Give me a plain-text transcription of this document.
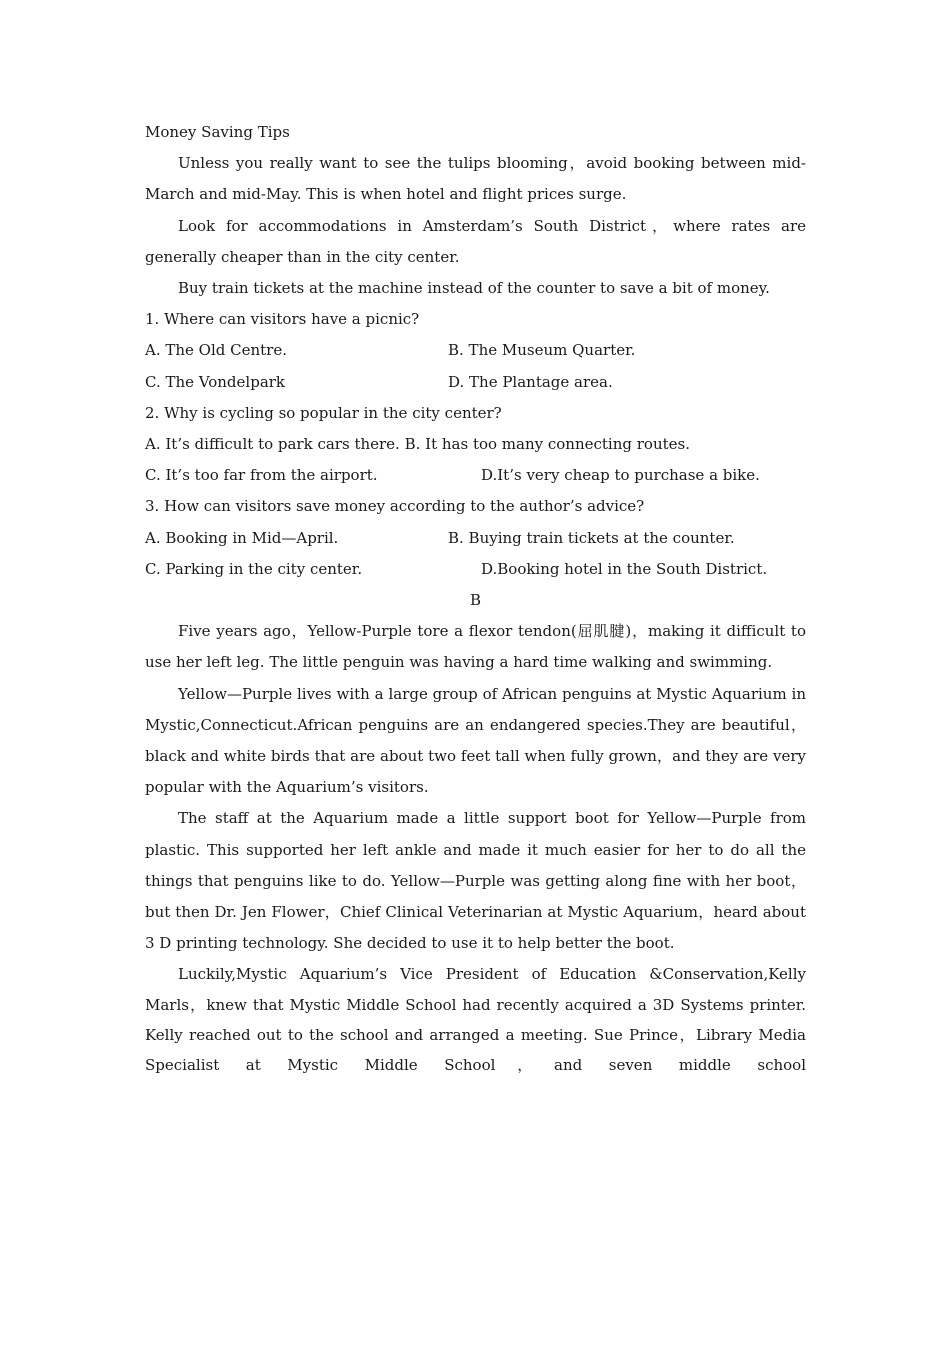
Money Saving Tips

Unless you really want to see the tulips blooming，avoid booking between mid-March and mid-May. This is when hotel and flight prices surge.

Look for accommodations in Amsterdam’s South District，where rates are generally cheaper than in the city center.

Buy train tickets at the machine instead of the counter to save a bit of money.

1. Where can visitors have a picnic?

A. The Old Centre.	B. The Museum Quarter.
C. The Vondelpark	D. The Plantage area.

2. Why is cycling so popular in the city center?

A. It’s difficult to park cars there. B. It has too many connecting routes.

C. It’s too far from the airport.	D.It’s very cheap to purchase a bike.

3. How can visitors save money according to the author’s advice?

A. Booking in Mid—April.	B. Buying train tickets at the counter.
C. Parking in the city center.	D.Booking hotel in the South District.

B

Five years ago，Yellow-Purple tore a flexor tendon(屈肌腱)，making it difficult to use her left leg. The little penguin was having a hard time walking and swimming.

Yellow—Purple lives with a large group of African penguins at Mystic Aquarium in Mystic,Connecticut.African penguins are an endangered species.They are beautiful，black and white birds that are about two feet tall when fully grown，and they are very popular with the Aquarium’s visitors.

The staff at the Aquarium made a little support boot for Yellow—Purple from plastic. This supported her left ankle and made it much easier for her to do all the things that penguins like to do. Yellow—Purple was getting along fine with her boot，but then Dr. Jen Flower，Chief Clinical Veterinarian at Mystic Aquarium，heard about 3 D printing technology. She decided to use it to help better the boot.

Luckily,Mystic Aquarium’s Vice President of Education &Conservation,Kelly Marls，knew that Mystic Middle School had recently acquired a 3D Systems printer. Kelly reached out to the school and arranged a meeting. Sue Prince，Library Media Specialist at Mystic Middle School，and seven middle school
